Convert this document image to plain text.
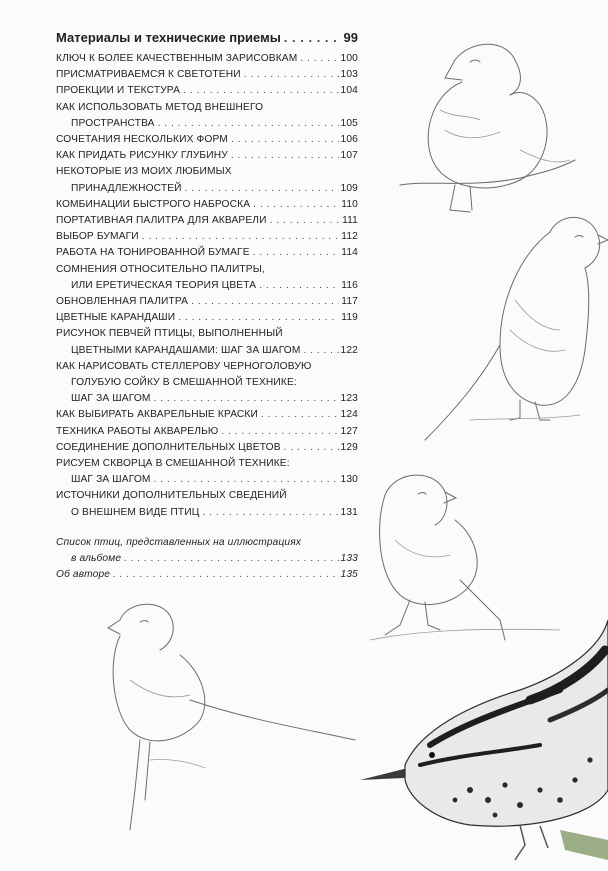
Материалы и технические приемы . . .	99
КЛЮЧ К БОЛЕЕ КАЧЕСТВЕННЫМ ЗАРИСОВКАМ . . .	100
ПРИСМАТРИВАЕМСЯ К СВЕТОТЕНИ . . .	103
ПРОЕКЦИИ И ТЕКСТУРА . . .	104
КАК ИСПОЛЬЗОВАТЬ МЕТОД ВНЕШНЕГО
ПРОСТРАНСТВА . . .	105
СОЧЕТАНИЯ НЕСКОЛЬКИХ ФОРМ . . .	106
КАК ПРИДАТЬ РИСУНКУ ГЛУБИНУ . . .	107
НЕКОТОРЫЕ ИЗ МОИХ ЛЮБИМЫХ
ПРИНАДЛЕЖНОСТЕЙ . . .	109
КОМБИНАЦИИ БЫСТРОГО НАБРОСКА . . .	110
ПОРТАТИВНАЯ ПАЛИТРА ДЛЯ АКВАРЕЛИ . . .	111
ВЫБОР БУМАГИ . . .	112
РАБОТА НА ТОНИРОВАННОЙ БУМАГЕ . . .	114
СОМНЕНИЯ ОТНОСИТЕЛЬНО ПАЛИТРЫ,
ИЛИ ЕРЕТИЧЕСКАЯ ТЕОРИЯ ЦВЕТА . . .	116
ОБНОВЛЕННАЯ ПАЛИТРА . . .	117
ЦВЕТНЫЕ КАРАНДАШИ . . .	119
РИСУНОК ПЕВЧЕЙ ПТИЦЫ, ВЫПОЛНЕННЫЙ
ЦВЕТНЫМИ КАРАНДАШАМИ: ШАГ ЗА ШАГОМ . . .	122
КАК НАРИСОВАТЬ СТЕЛЛЕРОВУ ЧЕРНОГОЛОВУЮ
ГОЛУБУЮ СОЙКУ В СМЕШАННОЙ ТЕХНИКЕ:
ШАГ ЗА ШАГОМ . . .	123
КАК ВЫБИРАТЬ АКВАРЕЛЬНЫЕ КРАСКИ . . .	124
ТЕХНИКА РАБОТЫ АКВАРЕЛЬЮ . . .	127
СОЕДИНЕНИЕ ДОПОЛНИТЕЛЬНЫХ ЦВЕТОВ . . .	129
РИСУЕМ СКВОРЦА В СМЕШАННОЙ ТЕХНИКЕ:
ШАГ ЗА ШАГОМ . . .	130
ИСТОЧНИКИ ДОПОЛНИТЕЛЬНЫХ СВЕДЕНИЙ
О ВНЕШНЕМ ВИДЕ ПТИЦ . . .	131
Список птиц, представленных на иллюстрациях
в альбоме . . .	133
Об авторе . . .	135
